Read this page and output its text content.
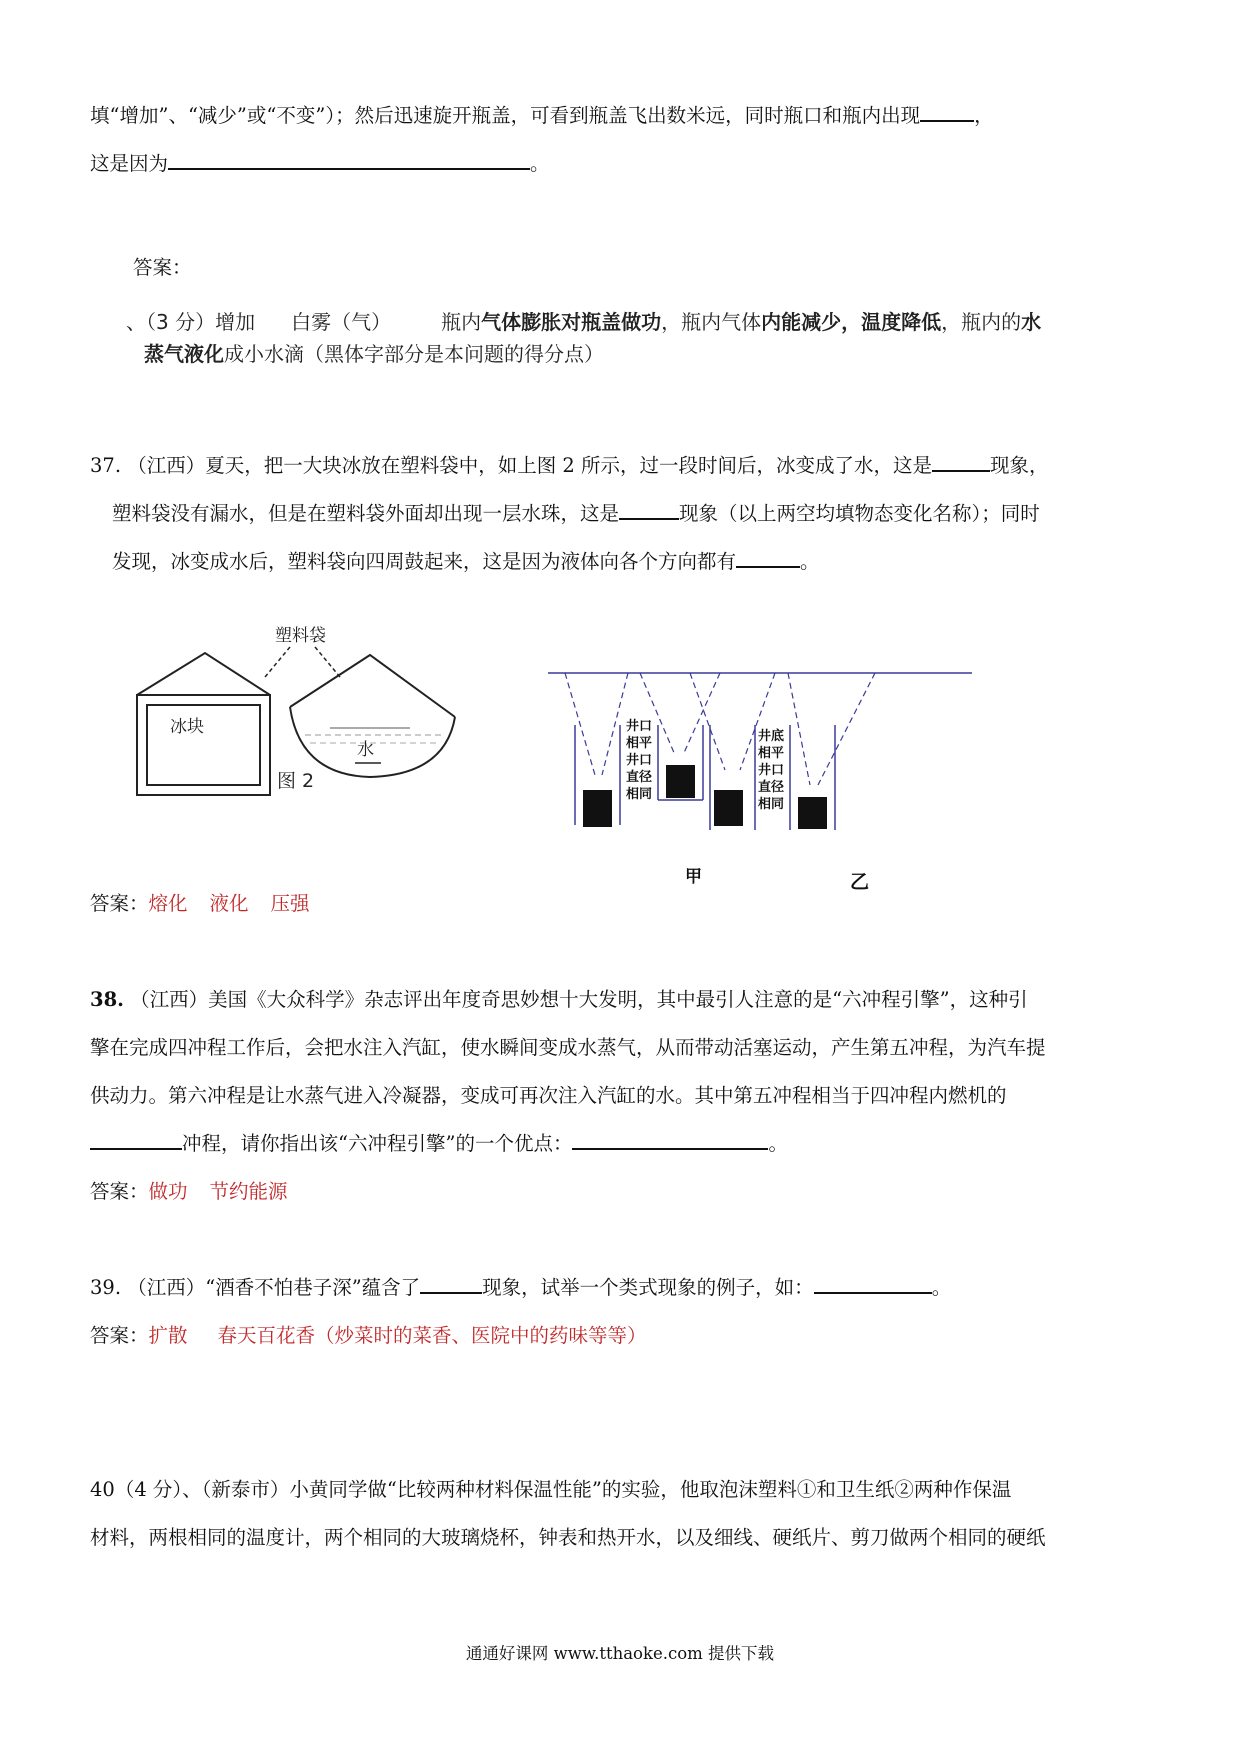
填“增加”、“减少”或“不变”）；然后迅速旋开瓶盖，可看到瓶盖飞出数米远，同时瓶口和瓶内出现	，
这是因为	。
答案：
、（3 分）增加 白雾（气）	瓶内气体膨胀对瓶盖做功，瓶内气体内能减少，温度降低，瓶内的水
蒸气液化成小水滴（黑体字部分是本问题的得分点）
37. （江西）夏天，把一大块冰放在塑料袋中，如上图 2 所示，过一段时间后，冰变成了水，这是	现象，
塑料袋没有漏水，但是在塑料袋外面却出现一层水珠，这是	现象（以上两空均填物态变化名称）；同时
发现，冰变成水后，塑料袋向四周鼓起来，这是因为液体向各个方向都有	。
冰块
塑料袋
水
图 2
井口 相平 井口 直径 相同
井底 相平 井口 直径 相同
甲	乙
答案：熔化 液化 压强
38. （江西）美国《大众科学》杂志评出年度奇思妙想十大发明，其中最引人注意的是“六冲程引擎”，这种引
擎在完成四冲程工作后，会把水注入汽缸，使水瞬间变成水蒸气，从而带动活塞运动，产生第五冲程，为汽车提
供动力。第六冲程是让水蒸气进入冷凝器，变成可再次注入汽缸的水。其中第五冲程相当于四冲程内燃机的
冲程，请你指出该“六冲程引擎”的一个优点：	。
答案：做功 节约能源
39. （江西）“酒香不怕巷子深”蕴含了	现象，试举一个类式现象的例子，如：	。
答案：扩散 春天百花香（炒菜时的菜香、医院中的药味等等）
40（4 分）、（新泰市）小黄同学做“比较两种材料保温性能”的实验，他取泡沫塑料①和卫生纸②两种作保温
材料，两根相同的温度计，两个相同的大玻璃烧杯，钟表和热开水，以及细线、硬纸片、剪刀做两个相同的硬纸
通通好课网 www.tthaoke.com 提供下载
